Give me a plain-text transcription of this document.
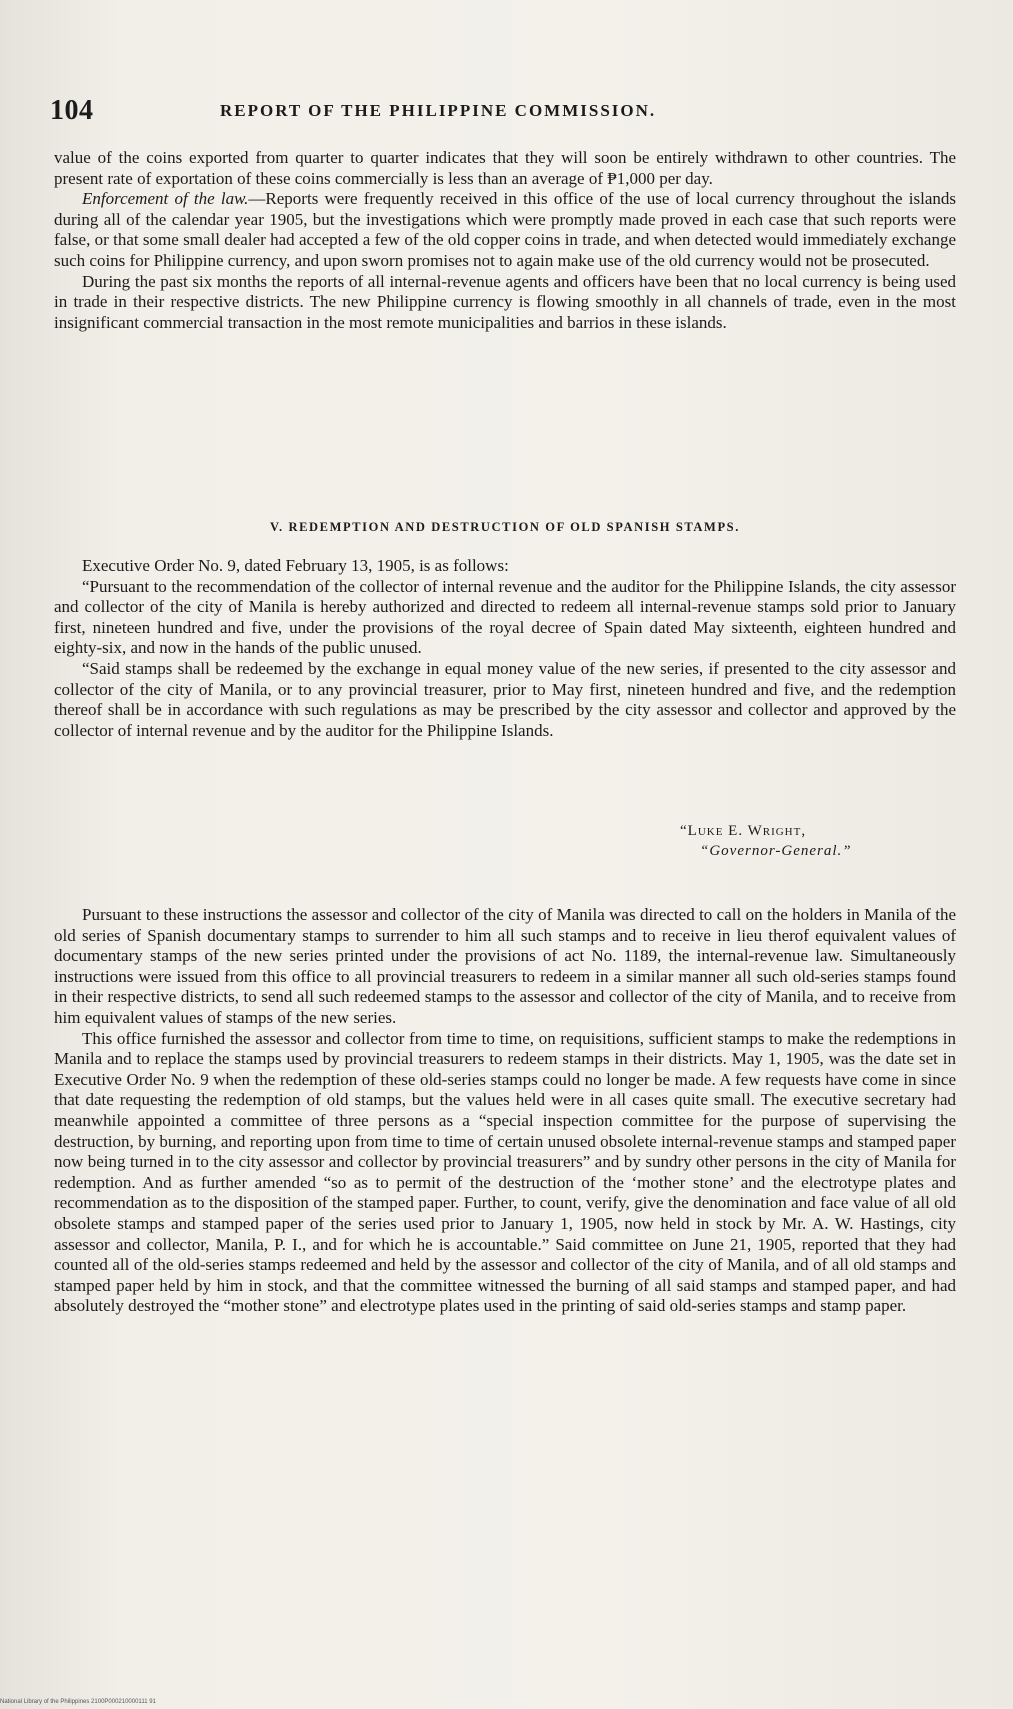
104	REPORT OF THE PHILIPPINE COMMISSION.

value of the coins exported from quarter to quarter indicates that they will soon be entirely withdrawn to other countries. The present rate of exportation of these coins commercially is less than an average of ₱1,000 per day.

Enforcement of the law.—Reports were frequently received in this office of the use of local currency throughout the islands during all of the calendar year 1905, but the investigations which were promptly made proved in each case that such reports were false, or that some small dealer had accepted a few of the old copper coins in trade, and when detected would immediately exchange such coins for Philippine currency, and upon sworn promises not to again make use of the old currency would not be prosecuted.

During the past six months the reports of all internal-revenue agents and officers have been that no local currency is being used in trade in their respective districts. The new Philippine currency is flowing smoothly in all channels of trade, even in the most insignificant commercial transaction in the most remote municipalities and barrios in these islands.

V. REDEMPTION AND DESTRUCTION OF OLD SPANISH STAMPS.

Executive Order No. 9, dated February 13, 1905, is as follows:

“Pursuant to the recommendation of the collector of internal revenue and the auditor for the Philippine Islands, the city assessor and collector of the city of Manila is hereby authorized and directed to redeem all internal-revenue stamps sold prior to January first, nineteen hundred and five, under the provisions of the royal decree of Spain dated May sixteenth, eighteen hundred and eighty-six, and now in the hands of the public unused.

“Said stamps shall be redeemed by the exchange in equal money value of the new series, if presented to the city assessor and collector of the city of Manila, or to any provincial treasurer, prior to May first, nineteen hundred and five, and the redemption thereof shall be in accordance with such regulations as may be prescribed by the city assessor and collector and approved by the collector of internal revenue and by the auditor for the Philippine Islands.

“Luke E. Wright,
“Governor-General.”

Pursuant to these instructions the assessor and collector of the city of Manila was directed to call on the holders in Manila of the old series of Spanish documentary stamps to surrender to him all such stamps and to receive in lieu therof equivalent values of documentary stamps of the new series printed under the provisions of act No. 1189, the internal-revenue law. Simultaneously instructions were issued from this office to all provincial treasurers to redeem in a similar manner all such old-series stamps found in their respective districts, to send all such redeemed stamps to the assessor and collector of the city of Manila, and to receive from him equivalent values of stamps of the new series.

This office furnished the assessor and collector from time to time, on requisitions, sufficient stamps to make the redemptions in Manila and to replace the stamps used by provincial treasurers to redeem stamps in their districts. May 1, 1905, was the date set in Executive Order No. 9 when the redemption of these old-series stamps could no longer be made. A few requests have come in since that date requesting the redemption of old stamps, but the values held were in all cases quite small. The executive secretary had meanwhile appointed a committee of three persons as a “special inspection committee for the purpose of supervising the destruction, by burning, and reporting upon from time to time of certain unused obsolete internal-revenue stamps and stamped paper now being turned in to the city assessor and collector by provincial treasurers” and by sundry other persons in the city of Manila for redemption. And as further amended “so as to permit of the destruction of the ‘mother stone’ and the electrotype plates and recommendation as to the disposition of the stamped paper. Further, to count, verify, give the denomination and face value of all old obsolete stamps and stamped paper of the series used prior to January 1, 1905, now held in stock by Mr. A. W. Hastings, city assessor and collector, Manila, P. I., and for which he is accountable.” Said committee on June 21, 1905, reported that they had counted all of the old-series stamps redeemed and held by the assessor and collector of the city of Manila, and of all old stamps and stamped paper held by him in stock, and that the committee witnessed the burning of all said stamps and stamped paper, and had absolutely destroyed the “mother stone” and electrotype plates used in the printing of said old-series stamps and stamp paper.

National Library of the Philippines 2100P000210000111 91
